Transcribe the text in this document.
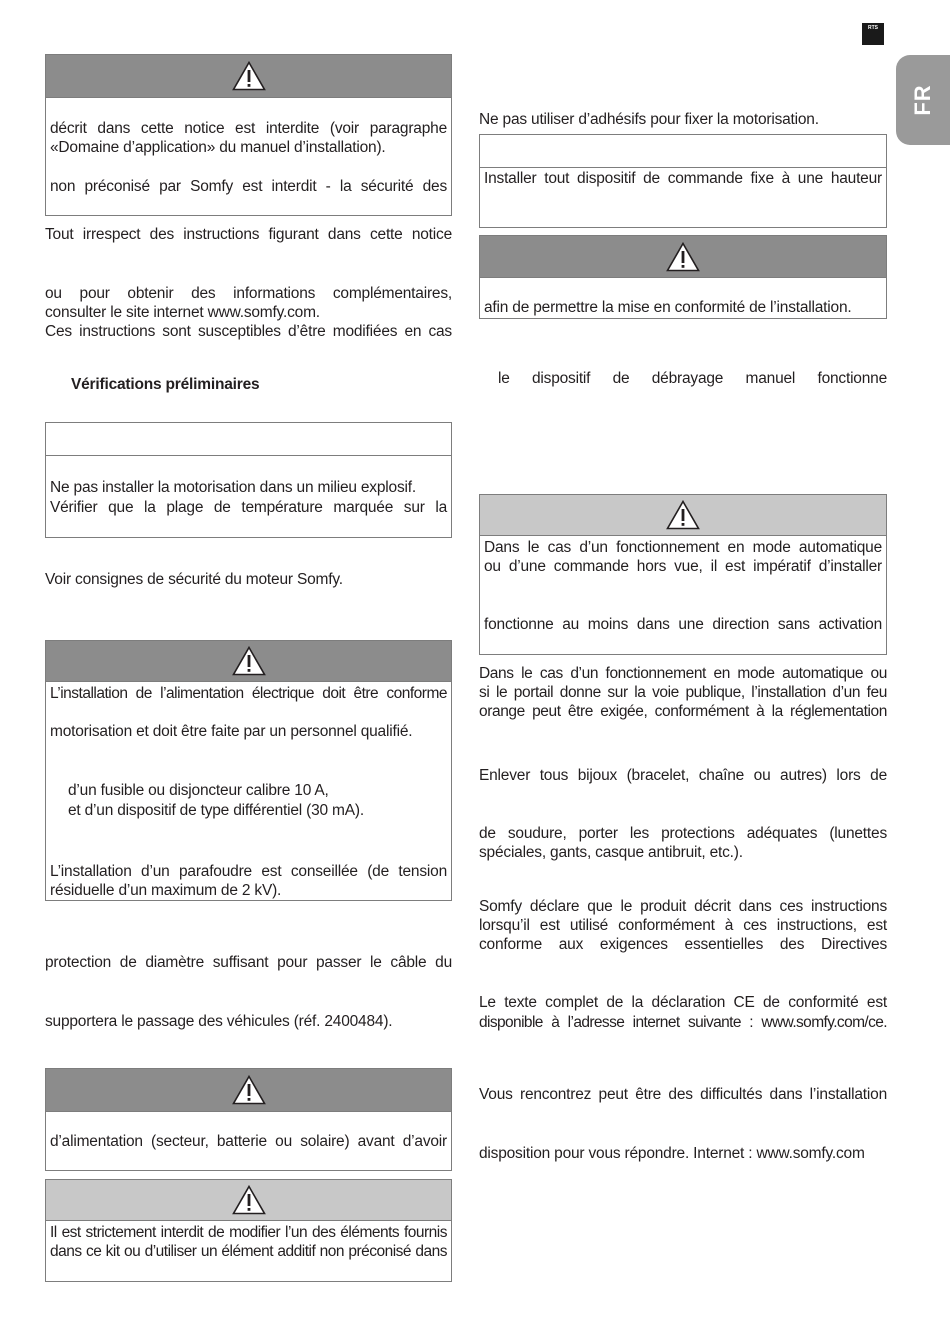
RTS
FR
décrit dans cette notice est interdite (voir paragraphe
«Domaine d’application» du manuel d’installation).
non préconisé par Somfy est interdit - la sécurité des
Tout irrespect des instructions figurant dans cette notice
ou pour obtenir des informations complémentaires,
consulter le site internet www.somfy.com.
Ces instructions sont susceptibles d’être modifiées en cas
Vérifications préliminaires
Ne pas installer la motorisation dans un milieu explosif.
Vérifier que la plage de température marquée sur la
Voir consignes de sécurité du moteur Somfy.
L’installation de l’alimentation électrique doit être conforme
motorisation et doit être faite par un personnel qualifié.
d’un fusible ou disjoncteur calibre 10 A,
et d’un dispositif de type différentiel (30 mA).
L’installation d’un parafoudre est conseillée (de tension
résiduelle d’un maximum de 2 kV).
protection de diamètre suffisant pour passer le câble du
supportera le passage des véhicules (réf. 2400484).
d’alimentation (secteur, batterie ou solaire) avant d’avoir
Il est strictement interdit de modifier l’un des éléments fournis
dans ce kit ou d’utiliser un élément additif non préconisé dans
Ne pas utiliser d’adhésifs pour fixer la motorisation.
Installer tout dispositif de commande fixe à une hauteur
afin de permettre la mise en conformité de l’installation.
le dispositif de débrayage manuel fonctionne
Dans le cas d’un fonctionnement en mode automatique
ou d’une commande hors vue, il est impératif d’installer
fonctionne au moins dans une direction sans activation
Dans le cas d’un fonctionnement en mode automatique ou
si le portail donne sur la voie publique, l’installation d’un feu
orange peut être exigée, conformément à la réglementation
Enlever tous bijoux (bracelet, chaîne ou autres) lors de
de soudure, porter les protections adéquates (lunettes
spéciales, gants, casque antibruit, etc.).
Somfy déclare que le produit décrit dans ces instructions
lorsqu’il est utilisé conformément à ces instructions, est
conforme aux exigences essentielles des Directives
Le texte complet de la déclaration CE de conformité est
disponible à l’adresse internet suivante : www.somfy.com/ce.
Vous rencontrez peut être des difficultés dans l’installation
disposition pour vous répondre. Internet : www.somfy.com
